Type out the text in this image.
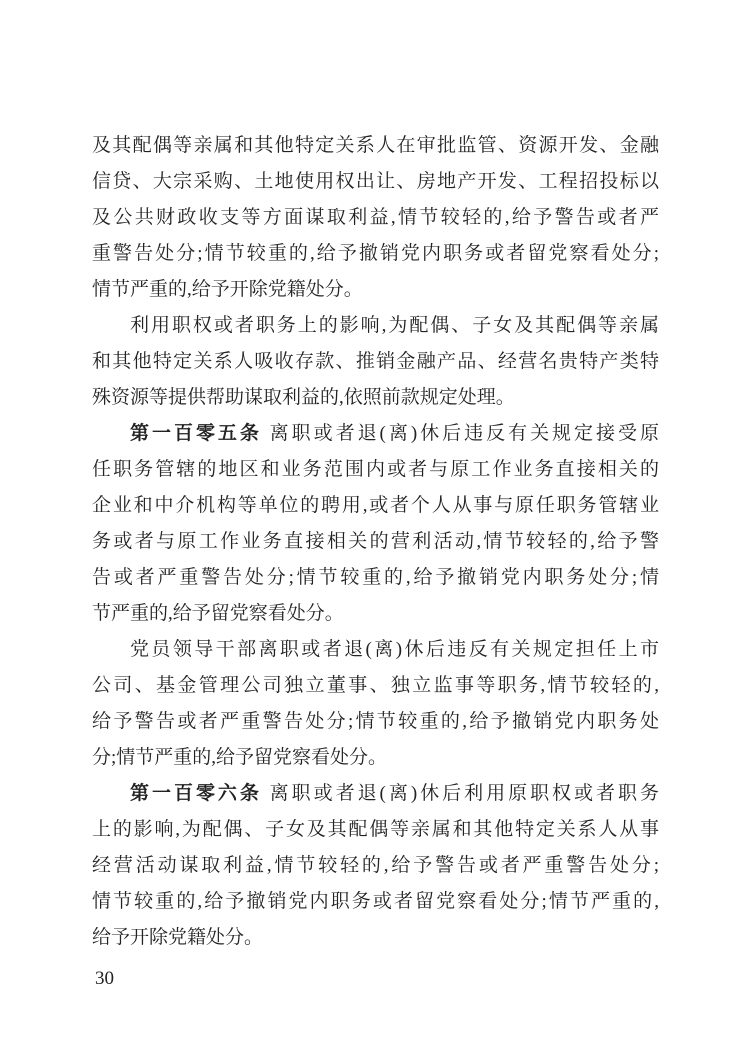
及其配偶等亲属和其他特定关系人在审批监管、资源开发、金融
信贷、大宗采购、土地使用权出让、房地产开发、工程招投标以
及公共财政收支等方面谋取利益,情节较轻的,给予警告或者严
重警告处分;情节较重的,给予撤销党内职务或者留党察看处分;
情节严重的,给予开除党籍处分。
利用职权或者职务上的影响,为配偶、子女及其配偶等亲属
和其他特定关系人吸收存款、推销金融产品、经营名贵特产类特
殊资源等提供帮助谋取利益的,依照前款规定处理。
第一百零五条 离职或者退(离)休后违反有关规定接受原
任职务管辖的地区和业务范围内或者与原工作业务直接相关的
企业和中介机构等单位的聘用,或者个人从事与原任职务管辖业
务或者与原工作业务直接相关的营利活动,情节较轻的,给予警
告或者严重警告处分;情节较重的,给予撤销党内职务处分;情
节严重的,给予留党察看处分。
党员领导干部离职或者退(离)休后违反有关规定担任上市
公司、基金管理公司独立董事、独立监事等职务,情节较轻的,
给予警告或者严重警告处分;情节较重的,给予撤销党内职务处
分;情节严重的,给予留党察看处分。
第一百零六条 离职或者退(离)休后利用原职权或者职务
上的影响,为配偶、子女及其配偶等亲属和其他特定关系人从事
经营活动谋取利益,情节较轻的,给予警告或者严重警告处分;
情节较重的,给予撤销党内职务或者留党察看处分;情节严重的,
给予开除党籍处分。
30
